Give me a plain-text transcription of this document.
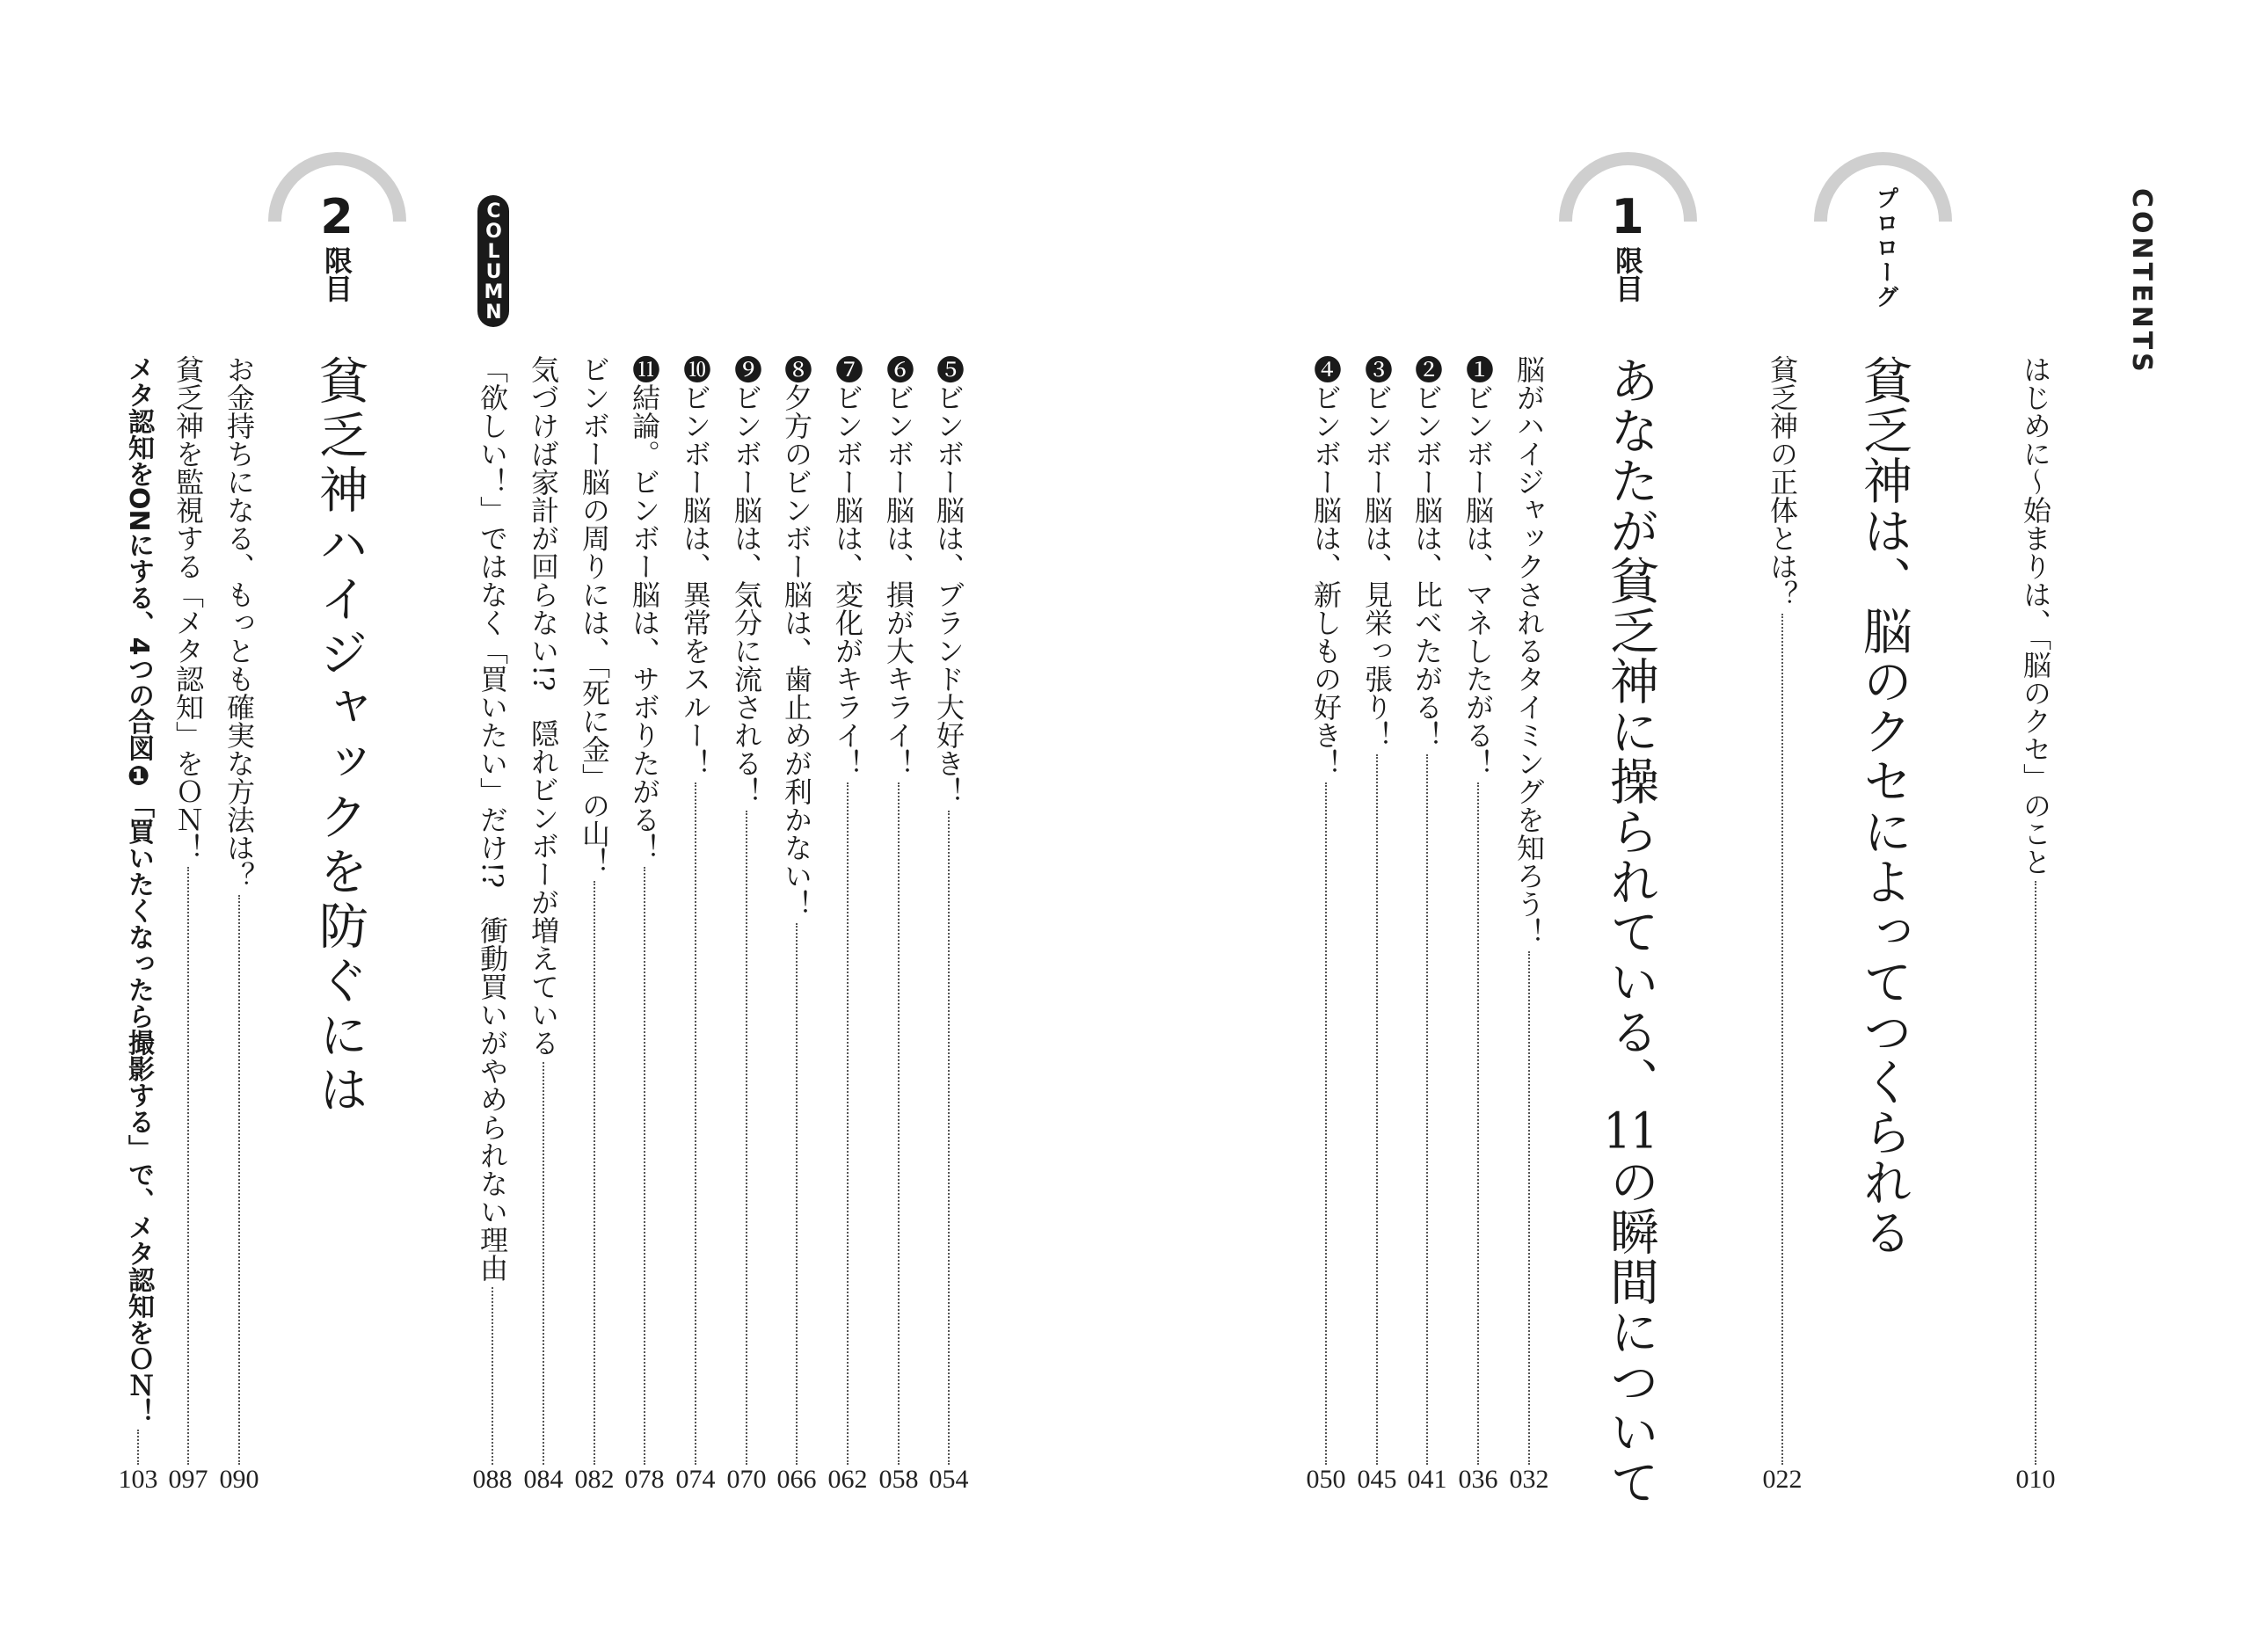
CONTENTS
プロローグ
貧乏神は、脳のクセによってつくられる
1
限目
あなたが貧乏神に操られている、11の瞬間について
COLUMN
2
限目
貧乏神ハイジャックを防ぐには	はじめに〜始まりは、「脳のクセ」のこと
010
貧乏神の正体とは？
022
脳がハイジャックされるタイミングを知ろう！
032
❶ビンボー脳は、マネしたがる！
036
❷ビンボー脳は、比べたがる！
041
❸ビンボー脳は、見栄っ張り！
045
❹ビンボー脳は、新しもの好き！
050
❺ビンボー脳は、ブランド大好き！
054
❻ビンボー脳は、損が大キライ！
058
❼ビンボー脳は、変化がキライ！
062
❽夕方のビンボー脳は、歯止めが利かない！
066
❾ビンボー脳は、気分に流される！
070
❿ビンボー脳は、異常をスルー！
074
⓫結論。ビンボー脳は、サボりたがる！
078
ビンボー脳の周りには、「死に金」の山！
082
気づけば家計が回らない!?　隠れビンボーが増えている
084
「欲しい！」ではなく「買いたい」だけ!?　衝動買いがやめられない理由
088
お金持ちになる、もっとも確実な方法は？
090
貧乏神を監視する「メタ認知」をＯＮ！
097
メタ認知をONにする、4つの合図❶「買いたくなったら撮影する」で、メタ認知をＯＮ！
103
